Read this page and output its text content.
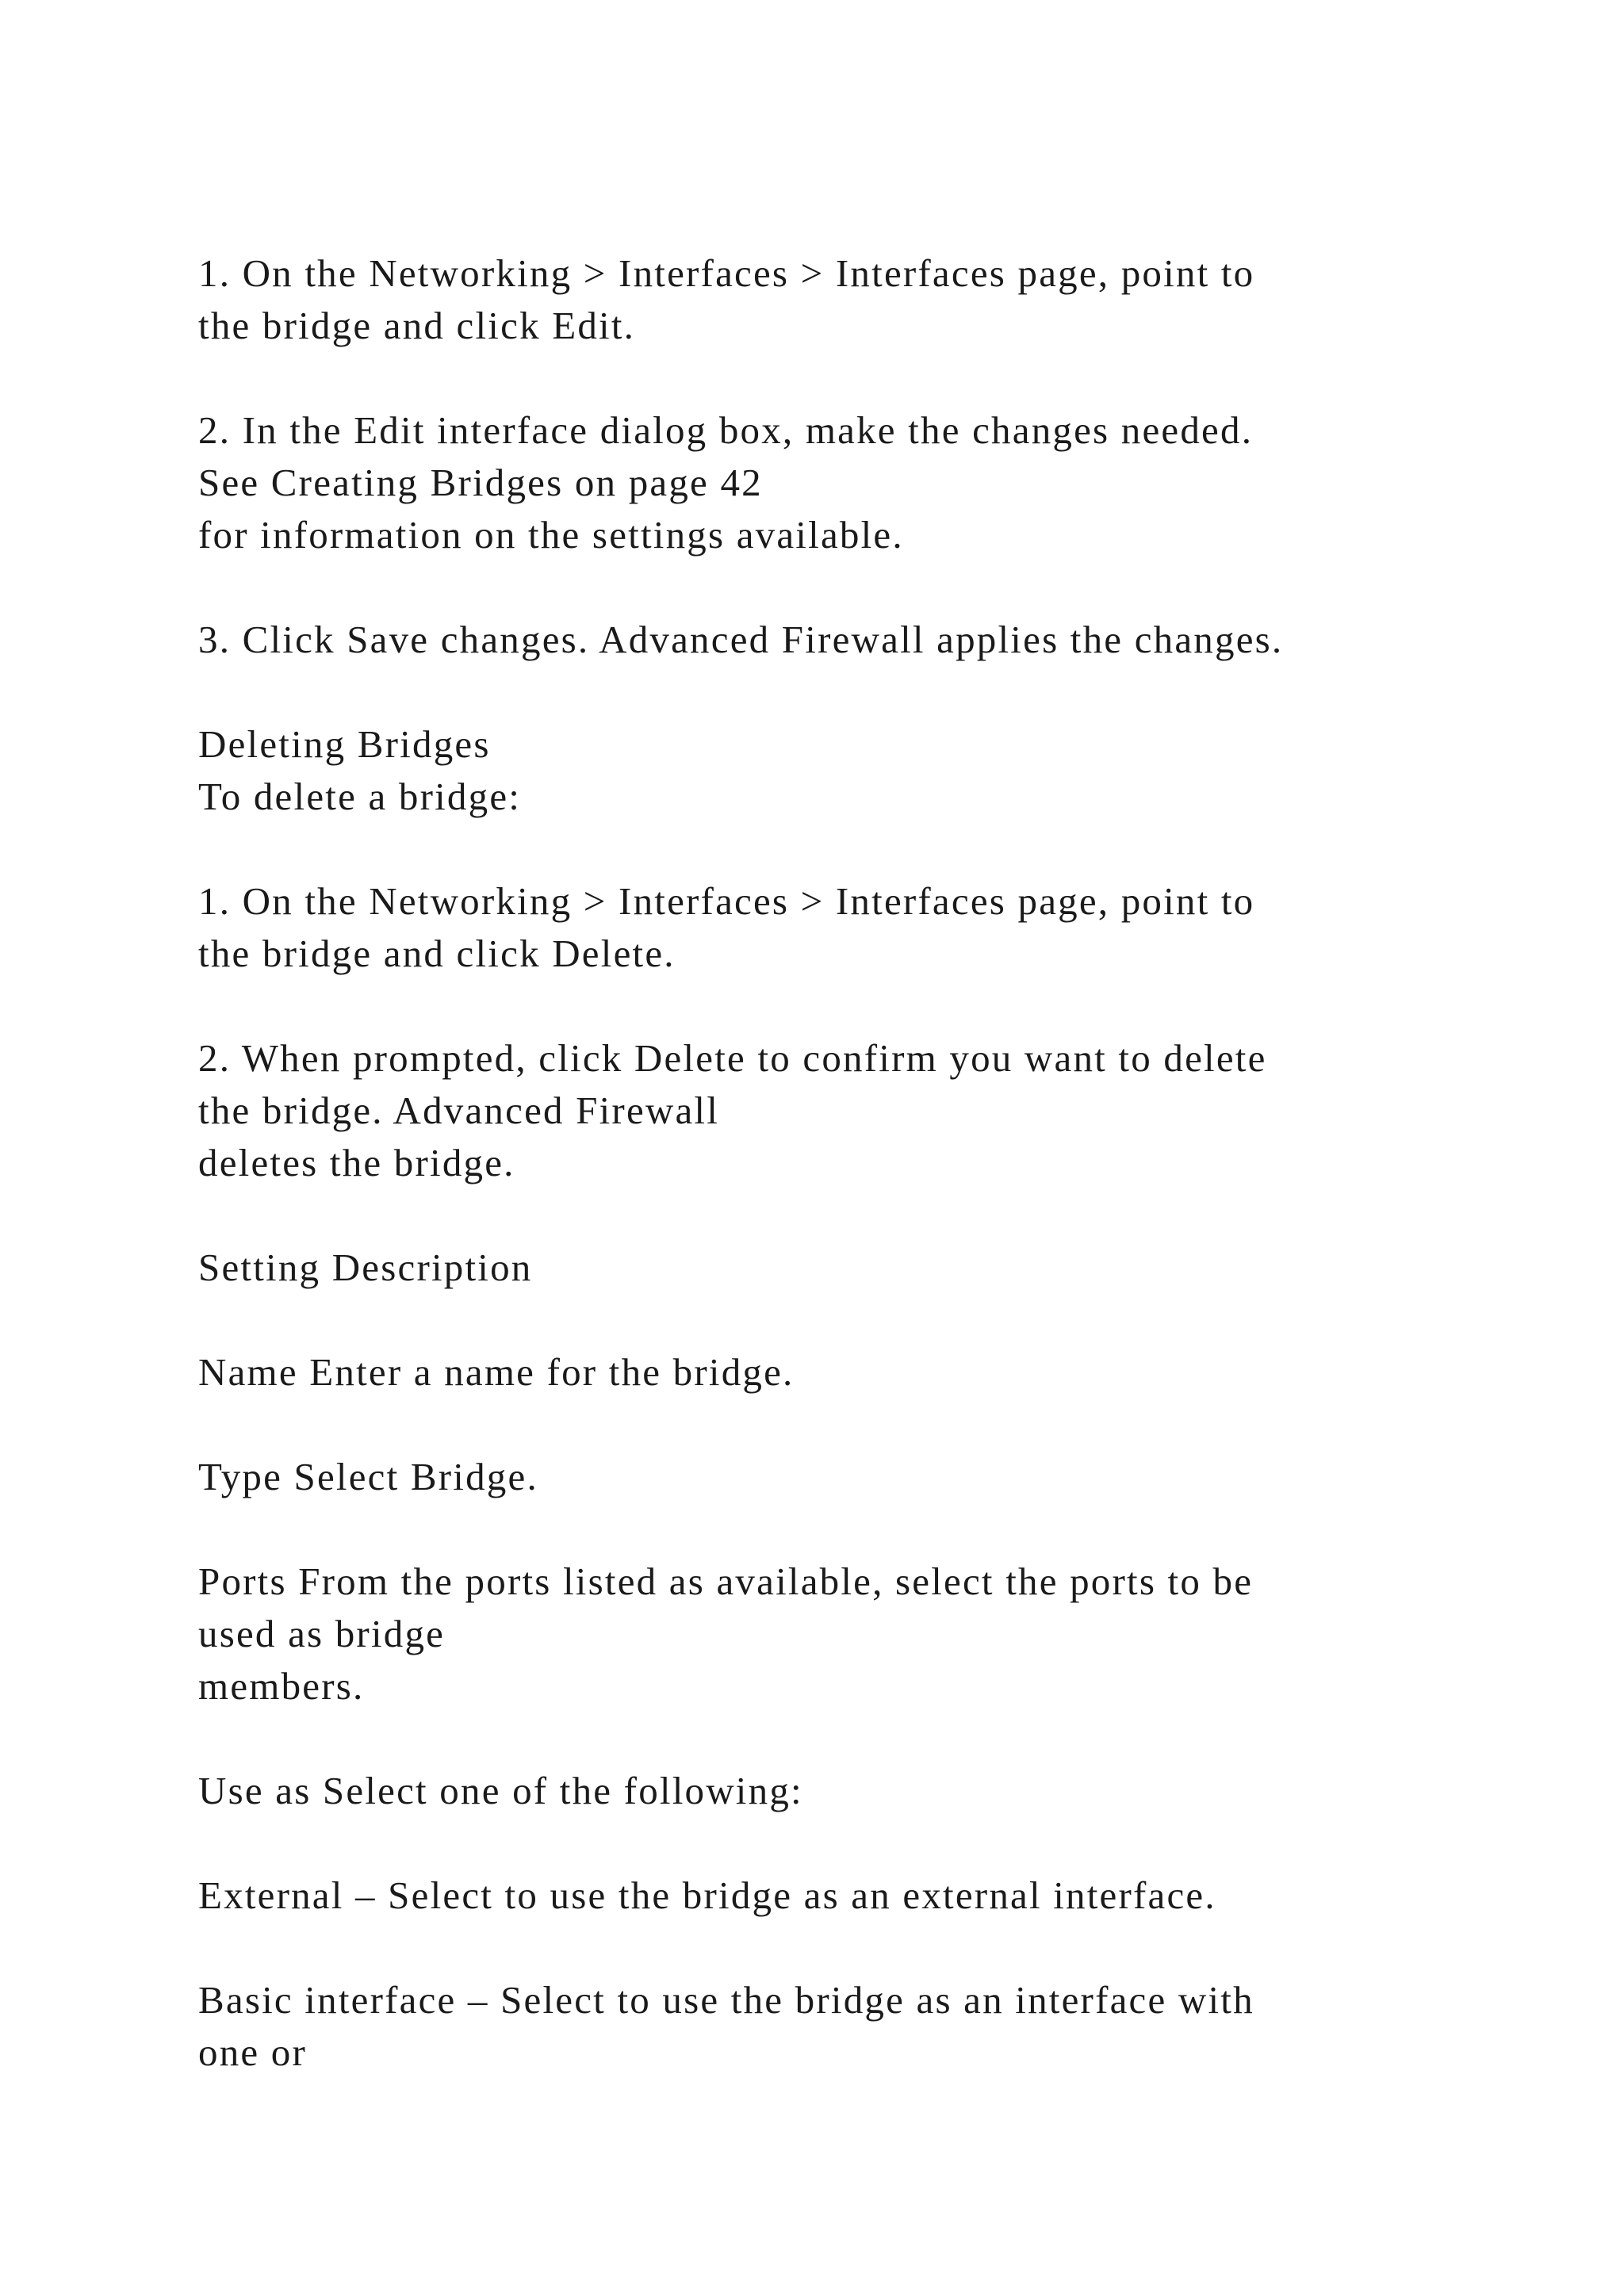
1. On the Networking > Interfaces > Interfaces page, point to
the bridge and click Edit.

2. In the Edit interface dialog box, make the changes needed.
See Creating Bridges on page 42
for information on the settings available.

3. Click Save changes. Advanced Firewall applies the changes.

Deleting Bridges
To delete a bridge:

1. On the Networking > Interfaces > Interfaces page, point to
the bridge and click Delete.

2. When prompted, click Delete to confirm you want to delete
the bridge. Advanced Firewall
deletes the bridge.

Setting Description

Name Enter a name for the bridge.

Type Select Bridge.

Ports From the ports listed as available, select the ports to be
used as bridge
members.

Use as Select one of the following:

External – Select to use the bridge as an external interface.

Basic interface – Select to use the bridge as an interface with
one or
